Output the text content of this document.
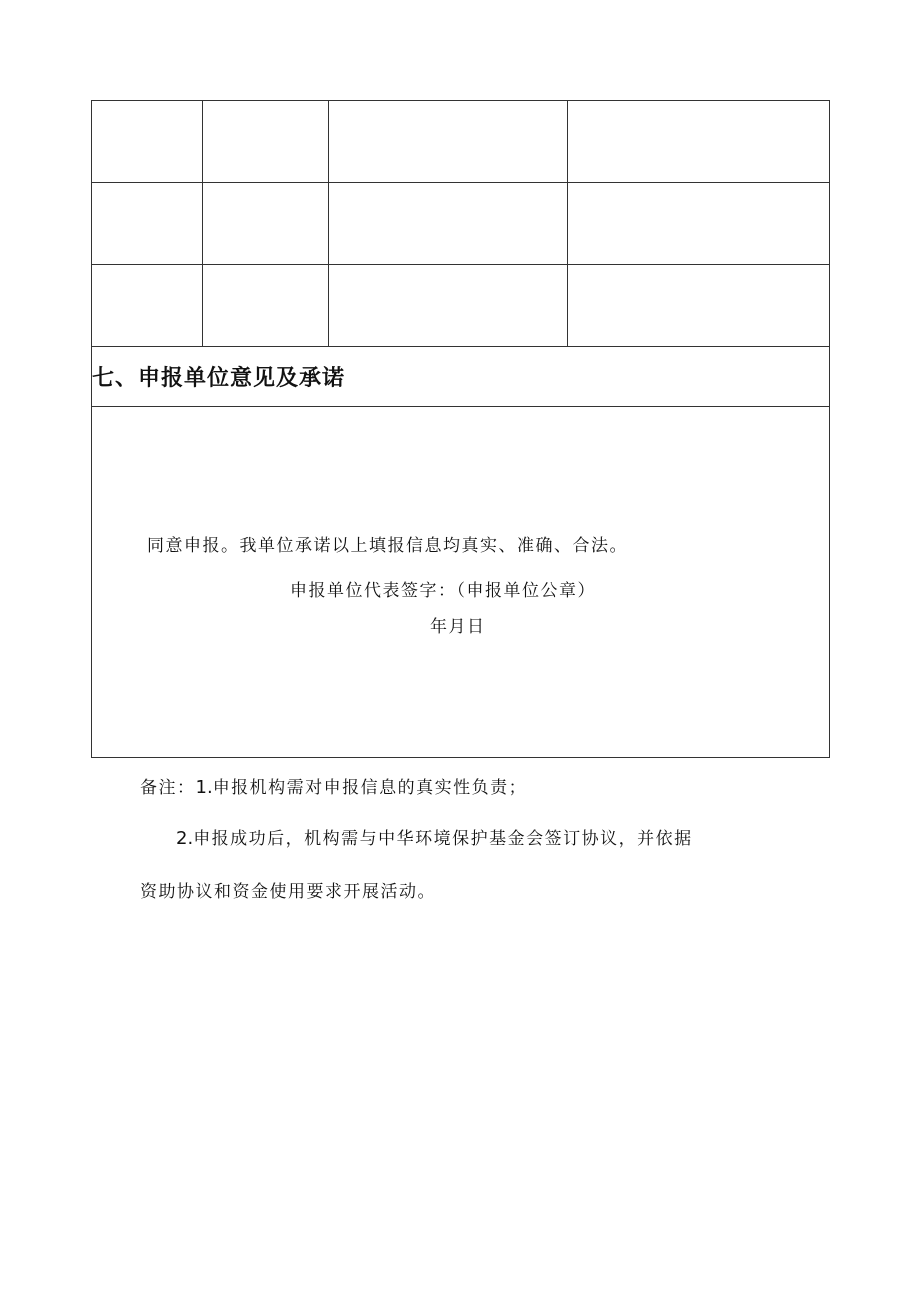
七、申报单位意见及承诺			

同意申报。我单位承诺以上填报信息均真实、准确、合法。
申报单位代表签字：（申报单位公章）
年月日			
备注：1.申报机构需对申报信息的真实性负责；
2.申报成功后，机构需与中华环境保护基金会签订协议，并依据
资助协议和资金使用要求开展活动。
